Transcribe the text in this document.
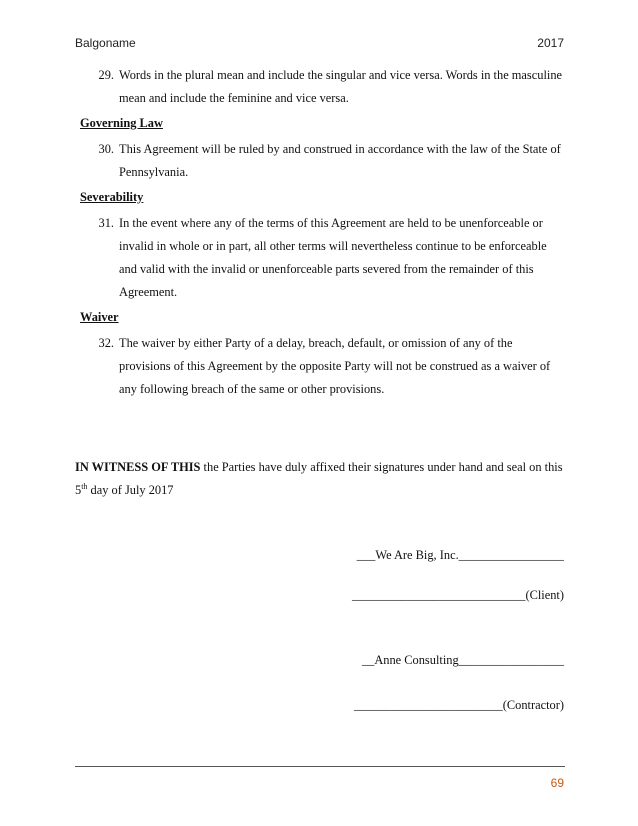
Balgoname	2017
29. Words in the plural mean and include the singular and vice versa. Words in the masculine mean and include the feminine and vice versa.
Governing Law
30. This Agreement will be ruled by and construed in accordance with the law of the State of Pennsylvania.
Severability
31. In the event where any of the terms of this Agreement are held to be unenforceable or invalid in whole or in part, all other terms will nevertheless continue to be enforceable and valid with the invalid or unenforceable parts severed from the remainder of this Agreement.
Waiver
32. The waiver by either Party of a delay, breach, default, or omission of any of the provisions of this Agreement by the opposite Party will not be construed as a waiver of any following breach of the same or other provisions.
IN WITNESS OF THIS the Parties have duly affixed their signatures under hand and seal on this 5th day of July 2017
___We Are Big, Inc._________________
____________________________(Client)
__Anne Consulting_________________
________________________(Contractor)
69
